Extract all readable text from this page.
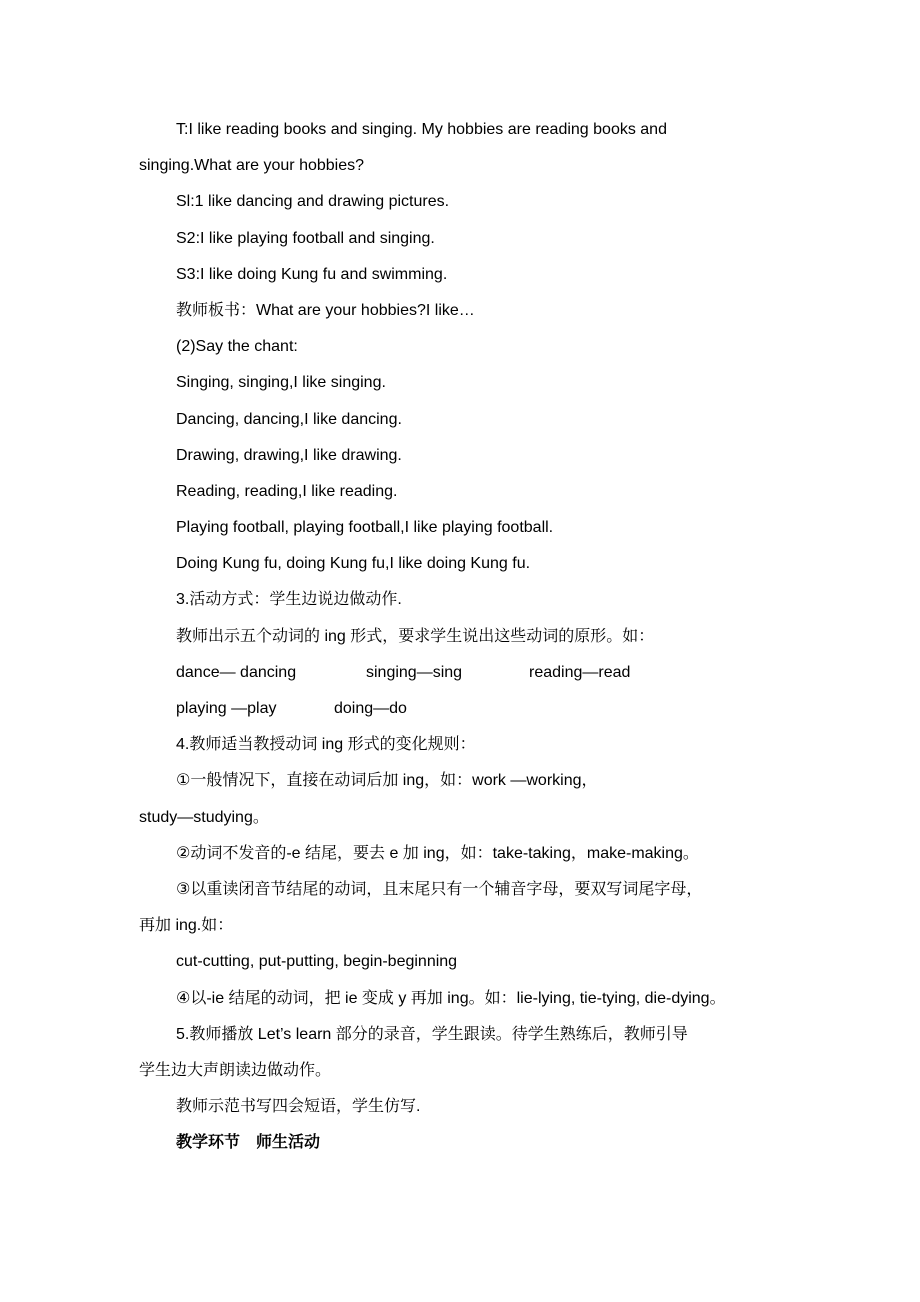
T:I like reading books and singing. My hobbies are reading books and
singing.What are your hobbies?
Sl:1 like dancing and drawing pictures.
S2:I like playing football and singing.
S3:I like doing Kung fu and swimming.
教师板书：What are your hobbies?I like…
(2)Say the chant:
Singing, singing,I like singing.
Dancing, dancing,I like dancing.
Drawing, drawing,I like drawing.
Reading, reading,I like reading.
Playing football, playing football,I like playing football.
Doing Kung fu, doing Kung fu,I like doing Kung fu.
3.活动方式：学生边说边做动作.
教师出示五个动词的 ing 形式，要求学生说出这些动词的原形。如：
dance— dancing	singing—sing	reading—read
playing —play	doing—do
4.教师适当教授动词 ing 形式的变化规则：
①一般情况下，直接在动词后加 ing，如：work —working，
study—studying。
②动词不发音的-e 结尾，要去 e 加 ing，如：take-taking，make-making。
③以重读闭音节结尾的动词，且末尾只有一个辅音字母，要双写词尾字母，
再加 ing.如：
cut-cutting, put-putting, begin-beginning
④以-ie 结尾的动词，把 ie 变成 y 再加 ing。如：lie-lying, tie-tying, die-dying。
5.教师播放 Let’s learn 部分的录音，学生跟读。待学生熟练后，教师引导
学生边大声朗读边做动作。
教师示范书写四会短语，学生仿写.
教学环节　师生活动
